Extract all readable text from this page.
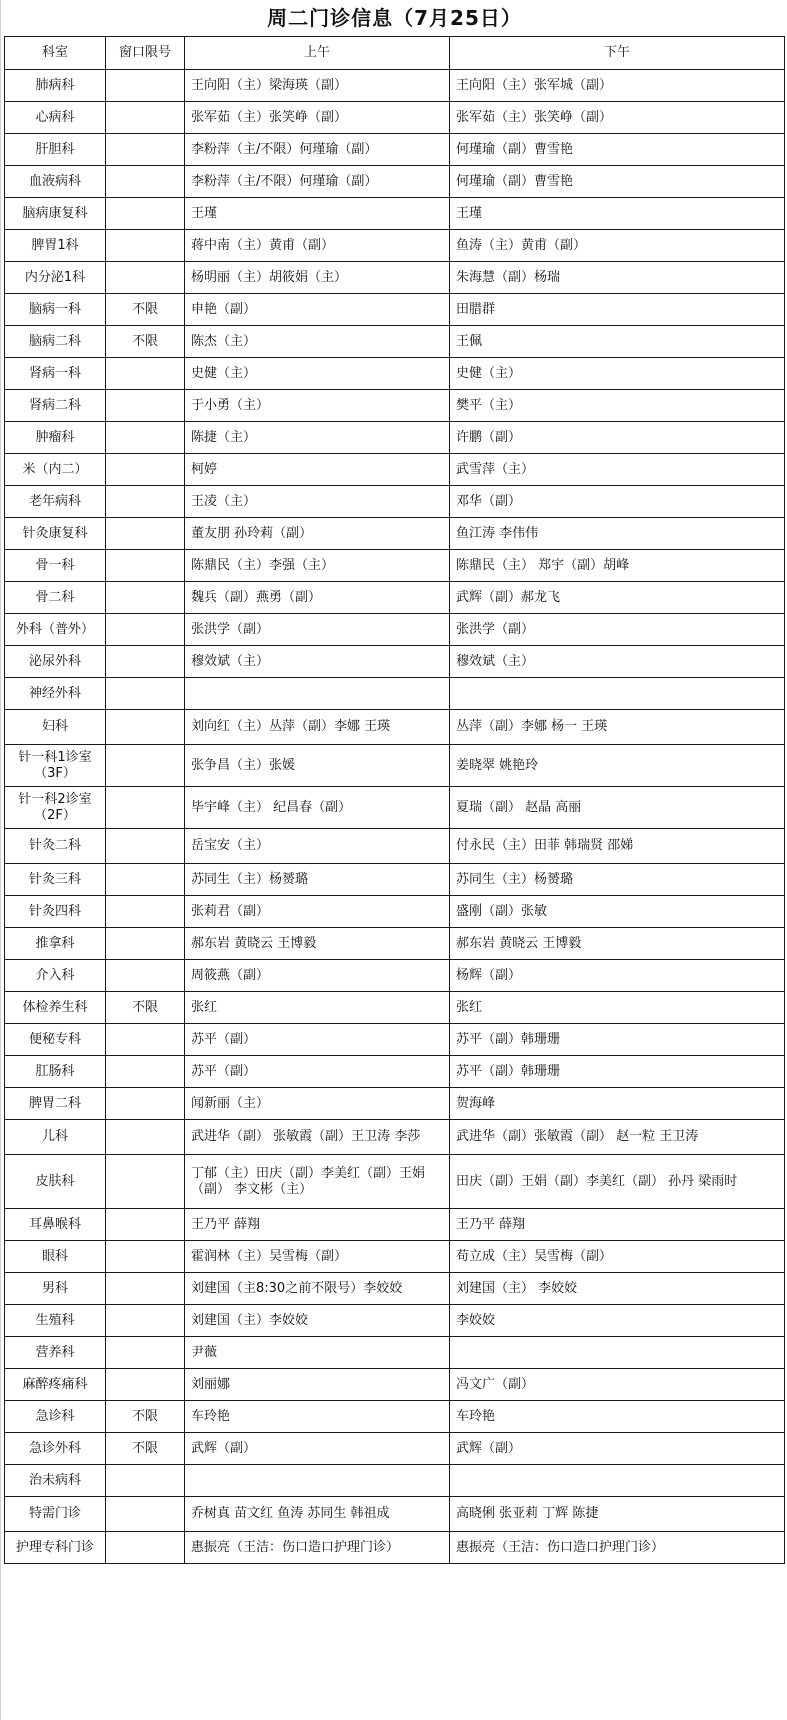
周二门诊信息（7月25日）
科室	窗口限号	上午	下午
肺病科		王向阳（主）梁海瑛（副）	王向阳（主）张军城（副）
心病科		张军茹（主）张笑峥（副）	张军茹（主）张笑峥（副）
肝胆科		李粉萍（主/不限）何瑾瑜（副）	何瑾瑜（副）曹雪艳
血液病科		李粉萍（主/不限）何瑾瑜（副）	何瑾瑜（副）曹雪艳
脑病康复科		王瑾	王瑾
脾胃1科		蒋中南（主）黄甫（副）	鱼涛（主）黄甫（副）
内分泌1科		杨明丽（主）胡筱娟（主）	朱海慧（副）杨瑞
脑病一科	不限	申艳（副）	田腊群
脑病二科	不限	陈杰（主）	王佩
肾病一科		史健（主）	史健（主）
肾病二科		于小勇（主）	樊平（主）
肿瘤科		陈捷（主）	许鹏（副）
米（内二）		柯婷	武雪萍（主）
老年病科		王凌（主）	邓华（副）
针灸康复科		董友朋 孙玲莉（副）	鱼江涛 李伟伟
骨一科		陈鼎民（主）李强（主）	陈鼎民（主） 郑宇（副）胡峰
骨二科		魏兵（副）燕勇（副）	武辉（副）郝龙飞
外科（普外）		张洪学（副）	张洪学（副）
泌尿外科		穆效斌（主）	穆效斌（主）
神经外科			
妇科		刘向红（主）丛萍（副）李娜 王瑛	丛萍（副）李娜 杨一 王瑛
针一科1诊室（3F）		张争昌（主）张媛	姜晓翠 姚艳玲
针一科2诊室（2F）		毕宇峰（主） 纪昌春（副）	夏瑞（副） 赵晶 高丽
针灸二科		岳宝安（主）	付永民（主）田菲 韩瑞贤 邵娣
针灸三科		苏同生（主）杨赟璐	苏同生（主）杨赟璐
针灸四科		张莉君（副）	盛刚（副）张敏
推拿科		郝东岩 黄晓云 王博毅	郝东岩 黄晓云 王博毅
介入科		周筱燕（副）	杨辉（副）
体检养生科	不限	张红	张红
便秘专科		苏平（副）	苏平（副）韩珊珊
肛肠科		苏平（副）	苏平（副）韩珊珊
脾胃二科		闻新丽（主）	贺海峰
儿科		武进华（副） 张敏霞（副）王卫涛 李莎	武进华（副）张敏霞（副） 赵一粒 王卫涛
皮肤科		丁郁（主）田庆（副）李美红（副）王娟（副） 李文彬（主）	田庆（副）王娟（副）李美红（副） 孙丹 梁雨时
耳鼻喉科		王乃平 薛翔	王乃平 薛翔
眼科		霍润林（主）吴雪梅（副）	苟立成（主）吴雪梅（副）
男科		刘建国（主8:30之前不限号）李姣姣	刘建国（主） 李姣姣
生殖科		刘建国（主）李姣姣	李姣姣
营养科		尹薇	
麻醉疼痛科		刘丽娜	冯文广（副）
急诊科	不限	车玲艳	车玲艳
急诊外科	不限	武辉（副）	武辉（副）
治未病科			
特需门诊		乔树真 苗文红 鱼涛 苏同生 韩祖成	高晓俐 张亚莉 丁辉 陈捷
护理专科门诊		惠振亮（王洁：伤口造口护理门诊）	惠振亮（王洁：伤口造口护理门诊）
